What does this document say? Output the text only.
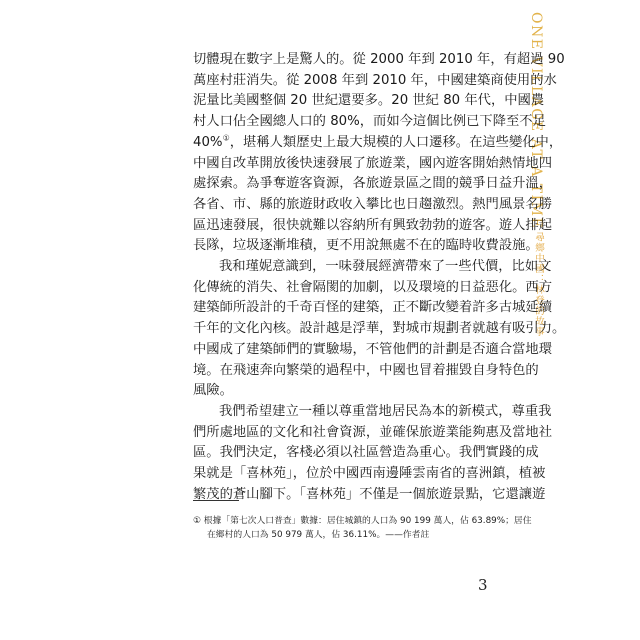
ONE VILLAGE AT A TIME
尋鄉中國：林登的故事

切體現在數字上是驚人的。從 2000 年到 2010 年，有超過 90
萬座村莊消失。從 2008 年到 2010 年，中國建築商使用的水
泥量比美國整個 20 世紀還要多。20 世紀 80 年代，中國農
村人口佔全國總人口的 80%，而如今這個比例已下降至不足
40%①，堪稱人類歷史上最大規模的人口遷移。在這些變化中，
中國自改革開放後快速發展了旅遊業，國內遊客開始熱情地四
處探索。為爭奪遊客資源，各旅遊景區之間的競爭日益升溫，
各省、市、縣的旅遊財政收入攀比也日趨激烈。熱門風景名勝
區迅速發展，很快就難以容納所有興致勃勃的遊客。遊人排起
長隊，垃圾逐漸堆積，更不用說無處不在的臨時收費設施。

我和瑾妮意識到，一味發展經濟帶來了一些代價，比如文
化傳統的消失、社會隔閡的加劇，以及環境的日益惡化。西方
建築師所設計的千奇百怪的建築，正不斷改變着許多古城延續
千年的文化內核。設計越是浮華，對城市規劃者就越有吸引力。
中國成了建築師們的實驗場，不管他們的計劃是否適合當地環
境。在飛速奔向繁榮的過程中，中國也冒着摧毀自身特色的
風險。

我們希望建立一種以尊重當地居民為本的新模式，尊重我
們所處地區的文化和社會資源，並確保旅遊業能夠惠及當地社
區。我們決定，客棧必須以社區營造為重心。我們實踐的成
果就是「喜林苑」，位於中國西南邊陲雲南省的喜洲鎮，植被
繁茂的蒼山腳下。「喜林苑」不僅是一個旅遊景點，它還讓遊

① 根據「第七次人口普查」數據：居住城鎮的人口為 90 199 萬人，佔 63.89%；居住
在鄉村的人口為 50 979 萬人，佔 36.11%。——作者註
3
